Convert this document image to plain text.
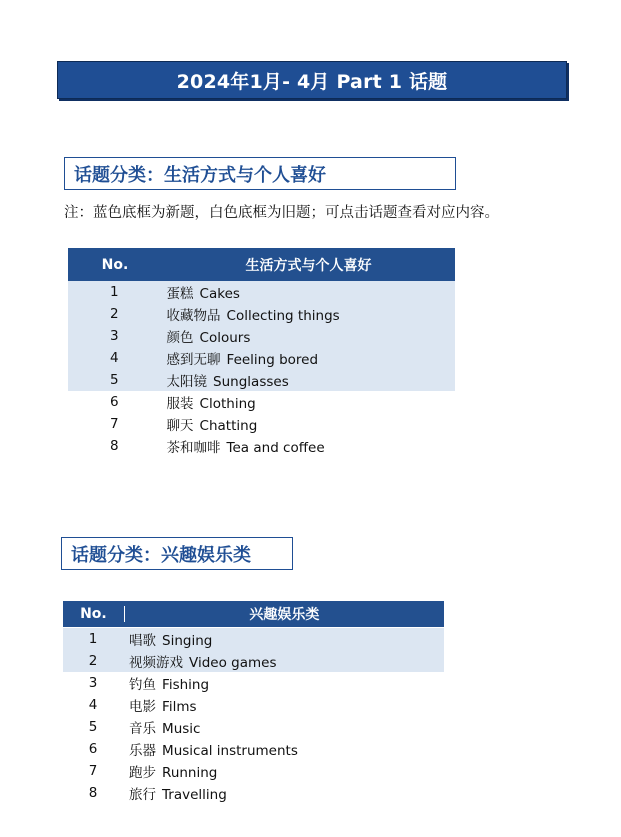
2024年1月- 4月 Part 1 话题
话题分类：生活方式与个人喜好
注：蓝色底框为新题，白色底框为旧题；可点击话题查看对应内容。
No.	生活方式与个人喜好
1	蛋糕 Cakes
2	收藏物品 Collecting things
3	颜色 Colours
4	感到无聊 Feeling bored
5	太阳镜 Sunglasses
6	服装 Clothing
7	聊天 Chatting
8	茶和咖啡 Tea and coffee
话题分类：兴趣娱乐类
No.	兴趣娱乐类
1	唱歌 Singing
2	视频游戏 Video games
3	钓鱼 Fishing
4	电影 Films
5	音乐 Music
6	乐器 Musical instruments
7	跑步 Running
8	旅行 Travelling
